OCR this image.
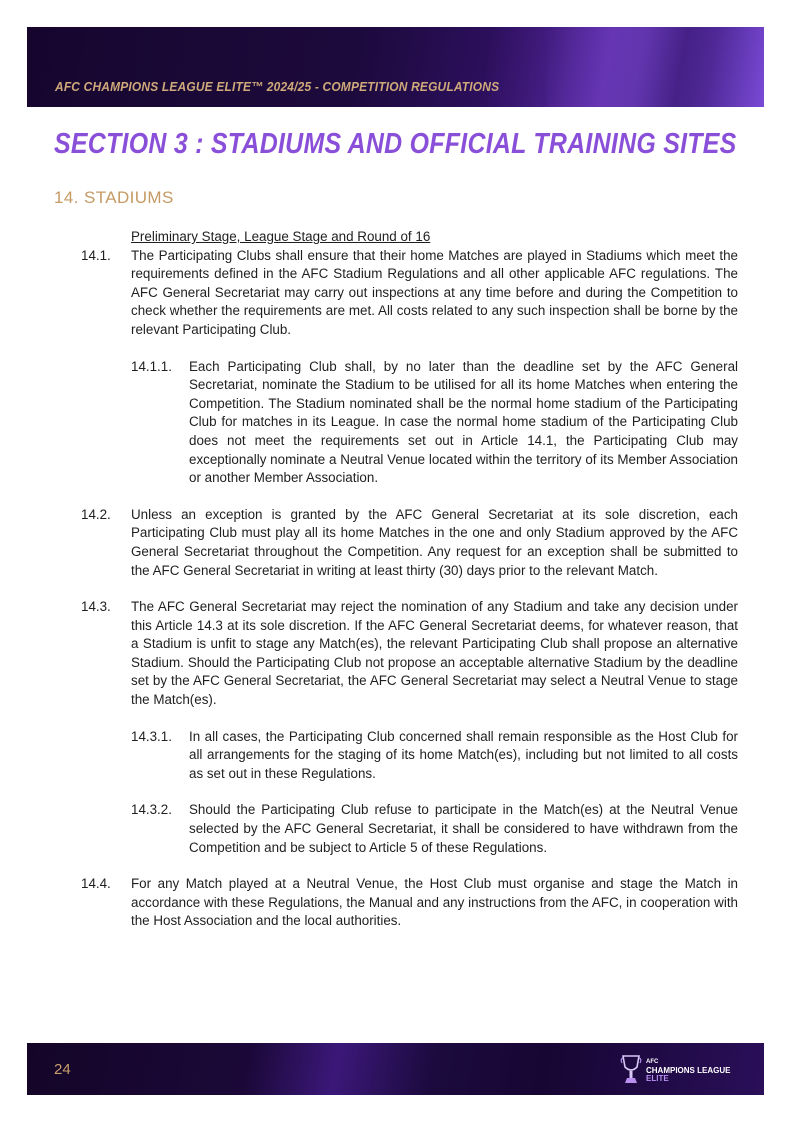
AFC CHAMPIONS LEAGUE ELITE™ 2024/25 - COMPETITION REGULATIONS
SECTION 3 : STADIUMS AND OFFICIAL TRAINING SITES
14. STADIUMS
Preliminary Stage, League Stage and Round of 16
14.1. The Participating Clubs shall ensure that their home Matches are played in Stadiums which meet the requirements defined in the AFC Stadium Regulations and all other applicable AFC regulations. The AFC General Secretariat may carry out inspections at any time before and during the Competition to check whether the requirements are met. All costs related to any such inspection shall be borne by the relevant Participating Club.
14.1.1. Each Participating Club shall, by no later than the deadline set by the AFC General Secretariat, nominate the Stadium to be utilised for all its home Matches when entering the Competition. The Stadium nominated shall be the normal home stadium of the Participating Club for matches in its League. In case the normal home stadium of the Participating Club does not meet the requirements set out in Article 14.1, the Participating Club may exceptionally nominate a Neutral Venue located within the territory of its Member Association or another Member Association.
14.2. Unless an exception is granted by the AFC General Secretariat at its sole discretion, each Participating Club must play all its home Matches in the one and only Stadium approved by the AFC General Secretariat throughout the Competition. Any request for an exception shall be submitted to the AFC General Secretariat in writing at least thirty (30) days prior to the relevant Match.
14.3. The AFC General Secretariat may reject the nomination of any Stadium and take any decision under this Article 14.3 at its sole discretion. If the AFC General Secretariat deems, for whatever reason, that a Stadium is unfit to stage any Match(es), the relevant Participating Club shall propose an alternative Stadium. Should the Participating Club not propose an acceptable alternative Stadium by the deadline set by the AFC General Secretariat, the AFC General Secretariat may select a Neutral Venue to stage the Match(es).
14.3.1. In all cases, the Participating Club concerned shall remain responsible as the Host Club for all arrangements for the staging of its home Match(es), including but not limited to all costs as set out in these Regulations.
14.3.2. Should the Participating Club refuse to participate in the Match(es) at the Neutral Venue selected by the AFC General Secretariat, it shall be considered to have withdrawn from the Competition and be subject to Article 5 of these Regulations.
14.4. For any Match played at a Neutral Venue, the Host Club must organise and stage the Match in accordance with these Regulations, the Manual and any instructions from the AFC, in cooperation with the Host Association and the local authorities.
24	AFC
CHAMPIONS LEAGUE
ELITE
